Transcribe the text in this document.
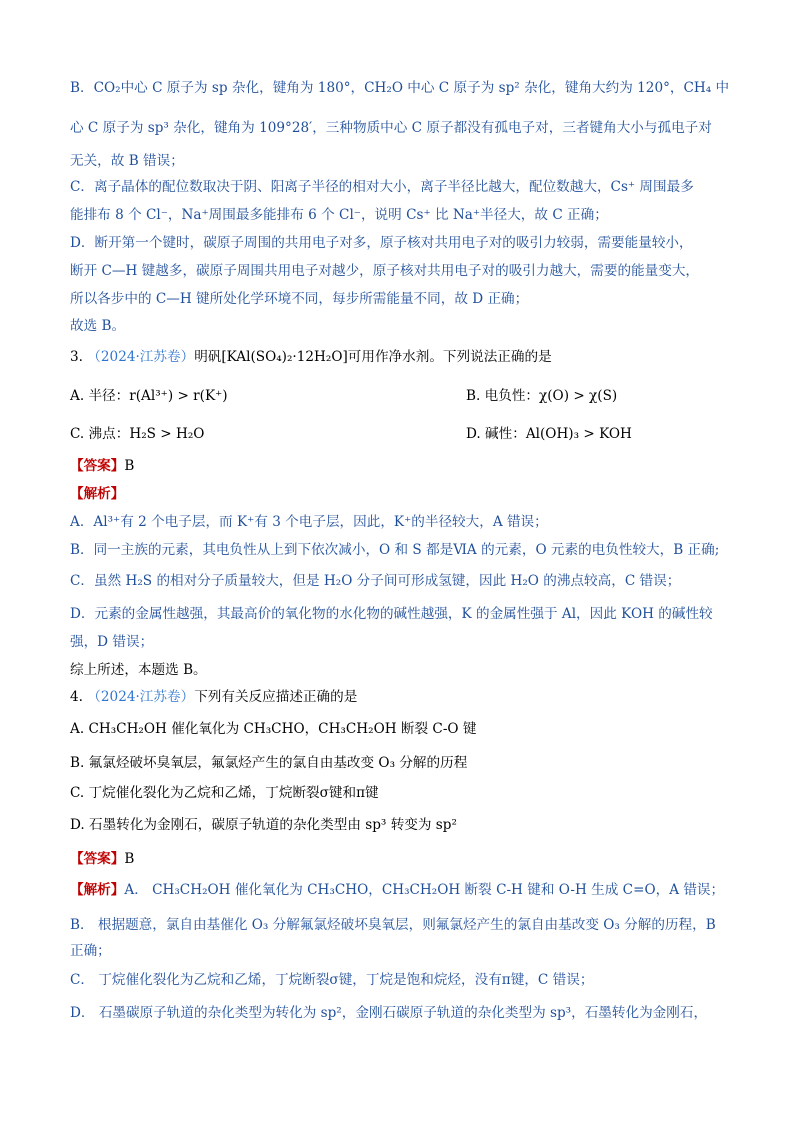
B．CO₂中心 C 原子为 sp 杂化，键角为 180°，CH₂O 中心 C 原子为 sp² 杂化，键角大约为 120°，CH₄ 中
心 C 原子为 sp³ 杂化，键角为 109°28′，三种物质中心 C 原子都没有孤电子对，三者键角大小与孤电子对
无关，故 B 错误；
C．离子晶体的配位数取决于阴、阳离子半径的相对大小，离子半径比越大，配位数越大，Cs⁺ 周围最多
能排布 8 个 Cl⁻，Na⁺周围最多能排布 6 个 Cl⁻，说明 Cs⁺ 比 Na⁺半径大，故 C 正确；
D．断开第一个键时，碳原子周围的共用电子对多，原子核对共用电子对的吸引力较弱，需要能量较小，
断开 C—H 键越多，碳原子周围共用电子对越少，原子核对共用电子对的吸引力越大，需要的能量变大，
所以各步中的 C—H 键所处化学环境不同，每步所需能量不同，故 D 正确；
故选 B。
3. （2024·江苏卷）明矾[KAl(SO₄)₂·12H₂O]可用作净水剂。下列说法正确的是
A. 半径：r(Al³⁺) > r(K⁺)	B. 电负性：χ(O) > χ(S)
C. 沸点：H₂S > H₂O	D. 碱性：Al(OH)₃ > KOH
【答案】B
【解析】
A．Al³⁺有 2 个电子层，而 K⁺有 3 个电子层，因此，K⁺的半径较大，A 错误；
B．同一主族的元素，其电负性从上到下依次减小，O 和 S 都是ⅥA 的元素，O 元素的电负性较大，B 正确;
C．虽然 H₂S 的相对分子质量较大，但是 H₂O 分子间可形成氢键，因此 H₂O 的沸点较高，C 错误；
D．元素的金属性越强，其最高价的氧化物的水化物的碱性越强，K 的金属性强于 Al，因此 KOH 的碱性较
强，D 错误；
综上所述，本题选 B。
4. （2024·江苏卷）下列有关反应描述正确的是
A. CH₃CH₂OH 催化氧化为 CH₃CHO，CH₃CH₂OH 断裂 C-O 键
B. 氟氯烃破坏臭氧层，氟氯烃产生的氯自由基改变 O₃ 分解的历程
C. 丁烷催化裂化为乙烷和乙烯，丁烷断裂σ键和π键
D. 石墨转化为金刚石，碳原子轨道的杂化类型由 sp³ 转变为 sp²
【答案】B
【解析】A． CH₃CH₂OH 催化氧化为 CH₃CHO，CH₃CH₂OH 断裂 C-H 键和 O-H 生成 C=O，A 错误；
B． 根据题意，氯自由基催化 O₃ 分解氟氯烃破坏臭氧层，则氟氯烃产生的氯自由基改变 O₃ 分解的历程，B
正确；
C． 丁烷催化裂化为乙烷和乙烯，丁烷断裂σ键，丁烷是饱和烷烃，没有π键，C 错误；
D． 石墨碳原子轨道的杂化类型为转化为 sp²，金刚石碳原子轨道的杂化类型为 sp³，石墨转化为金刚石，
